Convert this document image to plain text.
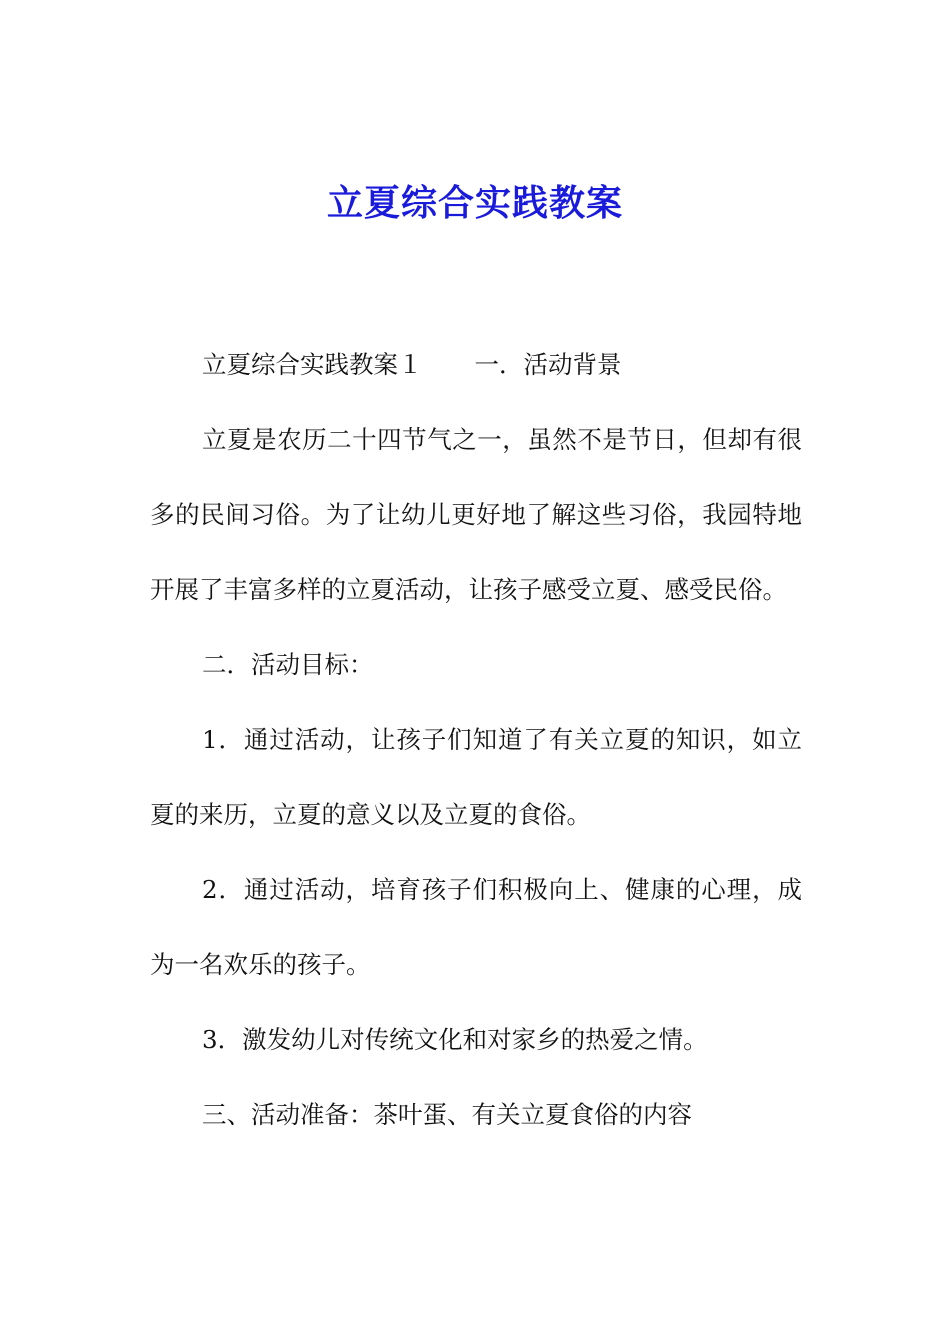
立夏综合实践教案

立夏综合实践教案１ 一．活动背景

立夏是农历二十四节气之一，虽然不是节日，但却有很多的民间习俗。为了让幼儿更好地了解这些习俗，我园特地开展了丰富多样的立夏活动，让孩子感受立夏、感受民俗。

二．活动目标：

1．通过活动，让孩子们知道了有关立夏的知识，如立夏的来历，立夏的意义以及立夏的食俗。

2．通过活动，培育孩子们积极向上、健康的心理，成为一名欢乐的孩子。

3．激发幼儿对传统文化和对家乡的热爱之情。

三、活动准备：茶叶蛋、有关立夏食俗的内容
